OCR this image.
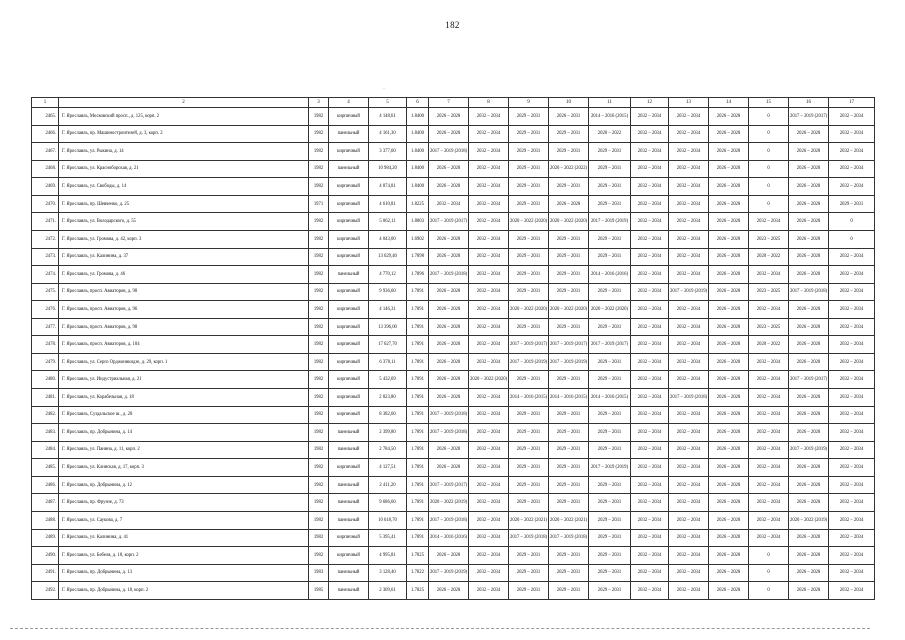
182
·
1	2	3	4	5	6	7	8	9	10	11	12	13	14	15	16	17
2465.	Г. Ярославль, Московский просп., д. 125, корп. 2	1982	кирпичный	4 148,61	1.8400	2026 – 2028	2032 – 2034	2029 – 2031	2026 – 2031	2014 – 2016 (2015)	2032 – 2034	2032 – 2034	2026 – 2028	0	2017 – 2019 (2017)	2032 – 2034
2466.	Г. Ярославль, пр. Машиностроителей, д. 3, корп. 2	1982	панельный	4 161,30	1.8400	2026 – 2028	2032 – 2034	2029 – 2031	2029 – 2031	2020 – 2022	2032 – 2034	2032 – 2034	2026 – 2028	0	2026 – 2028	2032 – 2034
2467.	Г. Ярославль, ул. Рыкина, д. 14	1982	кирпичный	3 377,60	1.8400	2017 – 2019 (2018)	2032 – 2034	2029 – 2031	2029 – 2031	2029 – 2031	2032 – 2034	2032 – 2034	2026 – 2028	0	2026 – 2028	2032 – 2034
2468.	Г. Ярославль, ул. Красноборская, д. 21	1982	панельный	10 984,20	1.8400	2026 – 2028	2032 – 2034	2029 – 2031	2020 – 2022 (2022)	2029 – 2031	2032 – 2034	2032 – 2034	2026 – 2028	0	2026 – 2028	2032 – 2034
2469.	Г. Ярославль, ул. Свободы, д. 14	1982	кирпичный	4 874,81	1.8400	2026 – 2028	2032 – 2034	2029 – 2031	2029 – 2031	2029 – 2031	2032 – 2034	2032 – 2034	2026 – 2028	0	2026 – 2028	2032 – 2034
2470.	Г. Ярославль, пр. Шевченко, д. 25	1971	кирпичный	4 610,81	1.8225	2032 – 2034	2032 – 2034	2029 – 2031	2026 – 2028	2029 – 2031	2032 – 2034	2032 – 2034	2026 – 2028	0	2026 – 2028	2029 – 2031
2471.	Г. Ярославль, ул. Володарского, д. 55	1982	кирпичный	5 062,11	1.8003	2017 – 2019 (2017)	2032 – 2034	2020 – 2022 (2020)	2020 – 2022 (2020)	2017 – 2019 (2019)	2032 – 2034	2032 – 2034	2026 – 2028	2032 – 2034	2026 – 2028	0
2472.	Г. Ярославль, ул. Громова, д. 42, корп. 3	1982	кирпичный	4 043,00	1.6902	2026 – 2028	2032 – 2034	2029 – 2031	2029 – 2031	2029 – 2031	2032 – 2034	2032 – 2034	2026 – 2028	2023 – 2025	2026 – 2028	0
2473.	Г. Ярославль, ул. Калинина, д. 37	1982	кирпичный	13 629,40	1.7898	2026 – 2028	2032 – 2034	2029 – 2031	2029 – 2031	2029 – 2031	2032 – 2034	2032 – 2034	2026 – 2028	2020 – 2022	2026 – 2028	2032 – 2034
2474.	Г. Ярославль, ул. Громова, д. 46	1982	панельный	4 770,12	1.7896	2017 – 2019 (2018)	2032 – 2034	2029 – 2031	2029 – 2031	2014 – 2016 (2016)	2032 – 2034	2032 – 2034	2026 – 2028	2032 – 2034	2026 – 2028	2032 – 2034
2475.	Г. Ярославль, просп. Авиаторов, д. 98	1982	кирпичный	9 936,60	1.7891	2026 – 2028	2032 – 2034	2029 – 2031	2029 – 2031	2029 – 2031	2032 – 2034	2017 – 2019 (2019)	2026 – 2028	2023 – 2025	2017 – 2019 (2018)	2032 – 2034
2476.	Г. Ярославль, просп. Авиаторов, д. 96	1982	кирпичный	4 146,31	1.7891	2026 – 2028	2032 – 2034	2020 – 2022 (2020)	2020 – 2022 (2020)	2020 – 2022 (2020)	2032 – 2034	2032 – 2034	2026 – 2028	2032 – 2034	2026 – 2028	2032 – 2034
2477.	Г. Ярославль, просп. Авиаторов, д. 98	1982	кирпичный	13 396,00	1.7891	2026 – 2028	2032 – 2034	2029 – 2031	2029 – 2031	2029 – 2031	2032 – 2034	2032 – 2034	2026 – 2028	2023 – 2025	2026 – 2028	2032 – 2034
2478.	Г. Ярославль, просп. Авиаторов, д. 104	1982	кирпичный	17 627,70	1.7891	2026 – 2028	2032 – 2034	2017 – 2019 (2017)	2017 – 2019 (2017)	2017 – 2019 (2017)	2032 – 2034	2032 – 2034	2026 – 2028	2020 – 2022	2026 – 2028	2032 – 2034
2479.	Г. Ярославль, ул. Серго Орджоникидзе, д. 29, корп. 1	1982	кирпичный	6 378,11	1.7891	2026 – 2028	2032 – 2034	2017 – 2019 (2019)	2017 – 2019 (2019)	2029 – 2031	2032 – 2034	2032 – 2034	2026 – 2028	2032 – 2034	2026 – 2028	2032 – 2034
2480.	Г. Ярославль, ул. Индустриальная, д. 21	1982	кирпичный	5 432,69	1.7891	2026 – 2028	2020 – 2022 (2020)	2029 – 2031	2029 – 2031	2029 – 2031	2032 – 2034	2032 – 2034	2026 – 2028	2032 – 2034	2017 – 2019 (2017)	2032 – 2034
2481.	Г. Ярославль, ул. Корабельная, д. 18	1982	кирпичный	2 823,80	1.7891	2026 – 2028	2032 – 2034	2014 – 2016 (2015)	2014 – 2016 (2015)	2014 – 2016 (2015)	2032 – 2034	2017 – 2019 (2018)	2026 – 2028	2032 – 2034	2026 – 2028	2032 – 2034
2482.	Г. Ярославль, Суздальское ш., д. 28	1982	кирпичный	8 382,60	1.7891	2017 – 2019 (2018)	2032 – 2034	2029 – 2031	2029 – 2031	2029 – 2031	2032 – 2034	2032 – 2034	2026 – 2028	2032 – 2034	2026 – 2028	2032 – 2034
2483.	Г. Ярославль, пр. Добрынина, д. 14	1982	панельный	2 399,80	1.7891	2017 – 2019 (2018)	2032 – 2034	2029 – 2031	2029 – 2031	2029 – 2031	2032 – 2034	2032 – 2034	2026 – 2028	2032 – 2034	2026 – 2028	2032 – 2034
2484.	Г. Ярославль, ул. Панина, д. 11, корп. 2	1982	панельный	2 784,50	1.7891	2026 – 2028	2032 – 2034	2029 – 2031	2029 – 2031	2029 – 2031	2032 – 2034	2032 – 2034	2026 – 2028	2032 – 2034	2017 – 2019 (2019)	2032 – 2034
2485.	Г. Ярославль, ул. Клинская, д. 17, корп. 3	1982	кирпичный	4 127,51	1.7891	2026 – 2028	2032 – 2034	2029 – 2031	2029 – 2031	2017 – 2019 (2019)	2032 – 2034	2032 – 2034	2026 – 2028	2032 – 2034	2026 – 2028	2032 – 2034
2486.	Г. Ярославль, пр. Добрынина, д. 12	1982	панельный	2 411,20	1.7891	2017 – 2019 (2017)	2032 – 2034	2029 – 2031	2029 – 2031	2029 – 2031	2032 – 2034	2032 – 2034	2026 – 2028	2032 – 2034	2026 – 2028	2032 – 2034
2487.	Г. Ярославль, пр. Фрунзе, д. 73	1982	панельный	9 686,60	1.7891	2020 – 2022 (2019)	2032 – 2034	2029 – 2031	2029 – 2031	2029 – 2031	2032 – 2034	2032 – 2034	2026 – 2028	2032 – 2034	2026 – 2028	2032 – 2034
2488.	Г. Ярославль, ул. Саукова, д. 7	1982	панельный	10 618,70	1.7891	2017 – 2019 (2018)	2032 – 2034	2020 – 2022 (2021)	2020 – 2022 (2021)	2029 – 2031	2032 – 2034	2032 – 2034	2026 – 2028	2032 – 2034	2020 – 2022 (2019)	2032 – 2034
2489.	Г. Ярославль, ул. Калинина, д. 41	1982	кирпичный	5 395,41	1.7891	2014 – 2016 (2016)	2032 – 2034	2017 – 2019 (2018)	2017 – 2019 (2018)	2029 – 2031	2032 – 2034	2032 – 2034	2026 – 2028	2032 – 2034	2026 – 2028	2032 – 2034
2490.	Г. Ярославль, ул. Бебеля, д. 18, корп. 2	1982	кирпичный	4 995,81	1.7825	2026 – 2028	2032 – 2034	2029 – 2031	2029 – 2031	2029 – 2031	2032 – 2034	2032 – 2034	2026 – 2028	0	2026 – 2028	2032 – 2034
2491.	Г. Ярославль, пр. Добрынина, д. 13	1983	панельный	3 128,40	1.7822	2017 – 2019 (2019)	2032 – 2034	2029 – 2031	2029 – 2031	2029 – 2031	2032 – 2034	2032 – 2034	2026 – 2028	0	2026 – 2028	2032 – 2034
2492.	Г. Ярославль, пр. Добрынина, д. 18, корп. 2	1985	панельный	2 309,61	1.7825	2026 – 2028	2032 – 2034	2029 – 2031	2029 – 2031	2029 – 2031	2032 – 2034	2032 – 2034	2026 – 2028	0	2026 – 2028	2032 – 2034
